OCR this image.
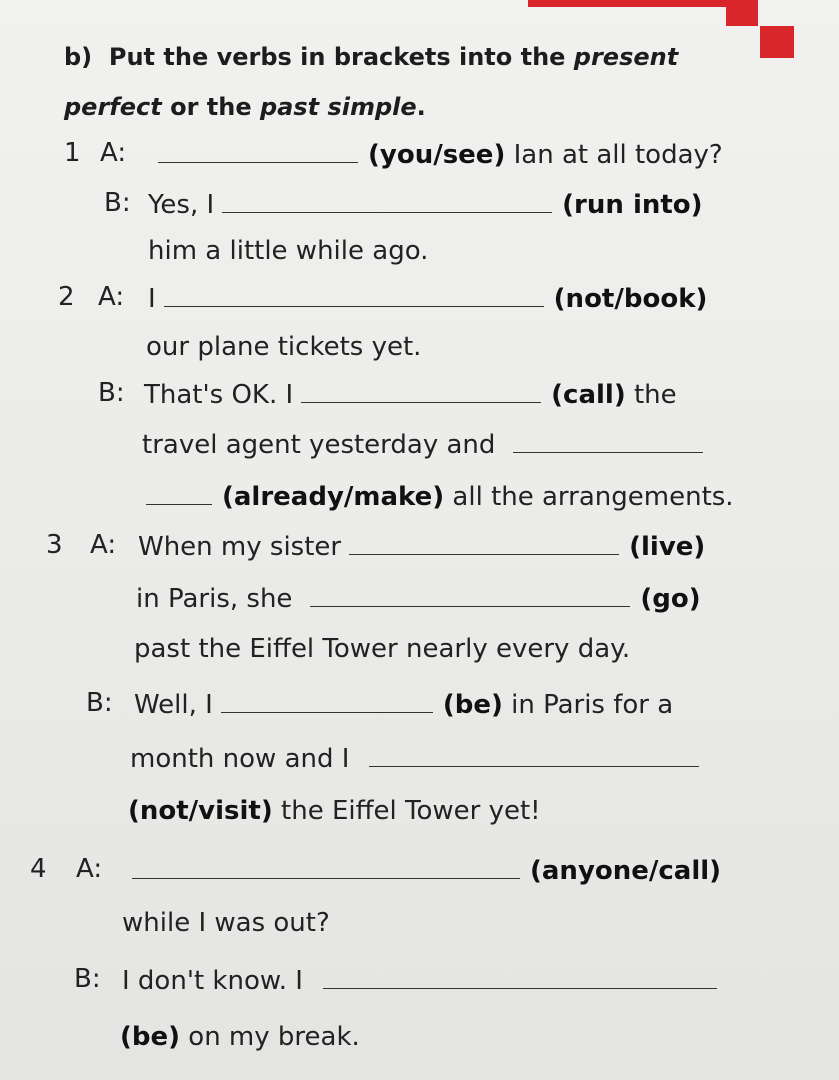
b) Put the verbs in brackets into the present
perfect or the past simple.
1 A:	(you/see) Ian at all today?
B: Yes, I	(run into)
him a little while ago.
2 A: I	(not/book)
our plane tickets yet.
B: That's OK. I	(call) the
travel agent yesterday and
(already/make) all the arrangements.
3 A: When my sister	(live)
in Paris, she	(go)
past the Eiffel Tower nearly every day.
B: Well, I	(be) in Paris for a
month now and I
(not/visit) the Eiffel Tower yet!
4 A:	(anyone/call)
while I was out?
B: I don't know. I
(be) on my break.
